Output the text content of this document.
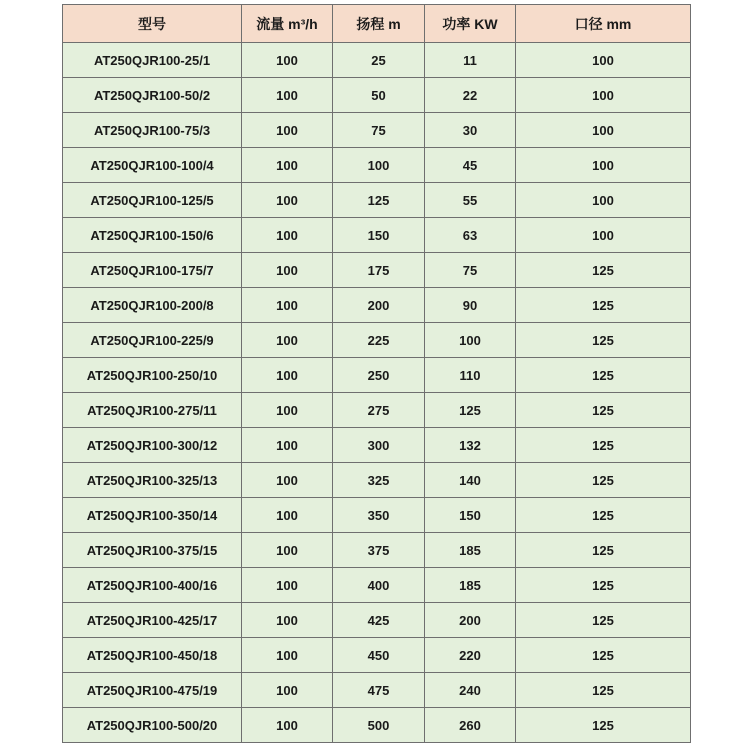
型号	流量 m³/h	扬程 m	功率 KW	口径 mm
AT250QJR100-25/1	100	25	11	100
AT250QJR100-50/2	100	50	22	100
AT250QJR100-75/3	100	75	30	100
AT250QJR100-100/4	100	100	45	100
AT250QJR100-125/5	100	125	55	100
AT250QJR100-150/6	100	150	63	100
AT250QJR100-175/7	100	175	75	125
AT250QJR100-200/8	100	200	90	125
AT250QJR100-225/9	100	225	100	125
AT250QJR100-250/10	100	250	110	125
AT250QJR100-275/11	100	275	125	125
AT250QJR100-300/12	100	300	132	125
AT250QJR100-325/13	100	325	140	125
AT250QJR100-350/14	100	350	150	125
AT250QJR100-375/15	100	375	185	125
AT250QJR100-400/16	100	400	185	125
AT250QJR100-425/17	100	425	200	125
AT250QJR100-450/18	100	450	220	125
AT250QJR100-475/19	100	475	240	125
AT250QJR100-500/20	100	500	260	125
